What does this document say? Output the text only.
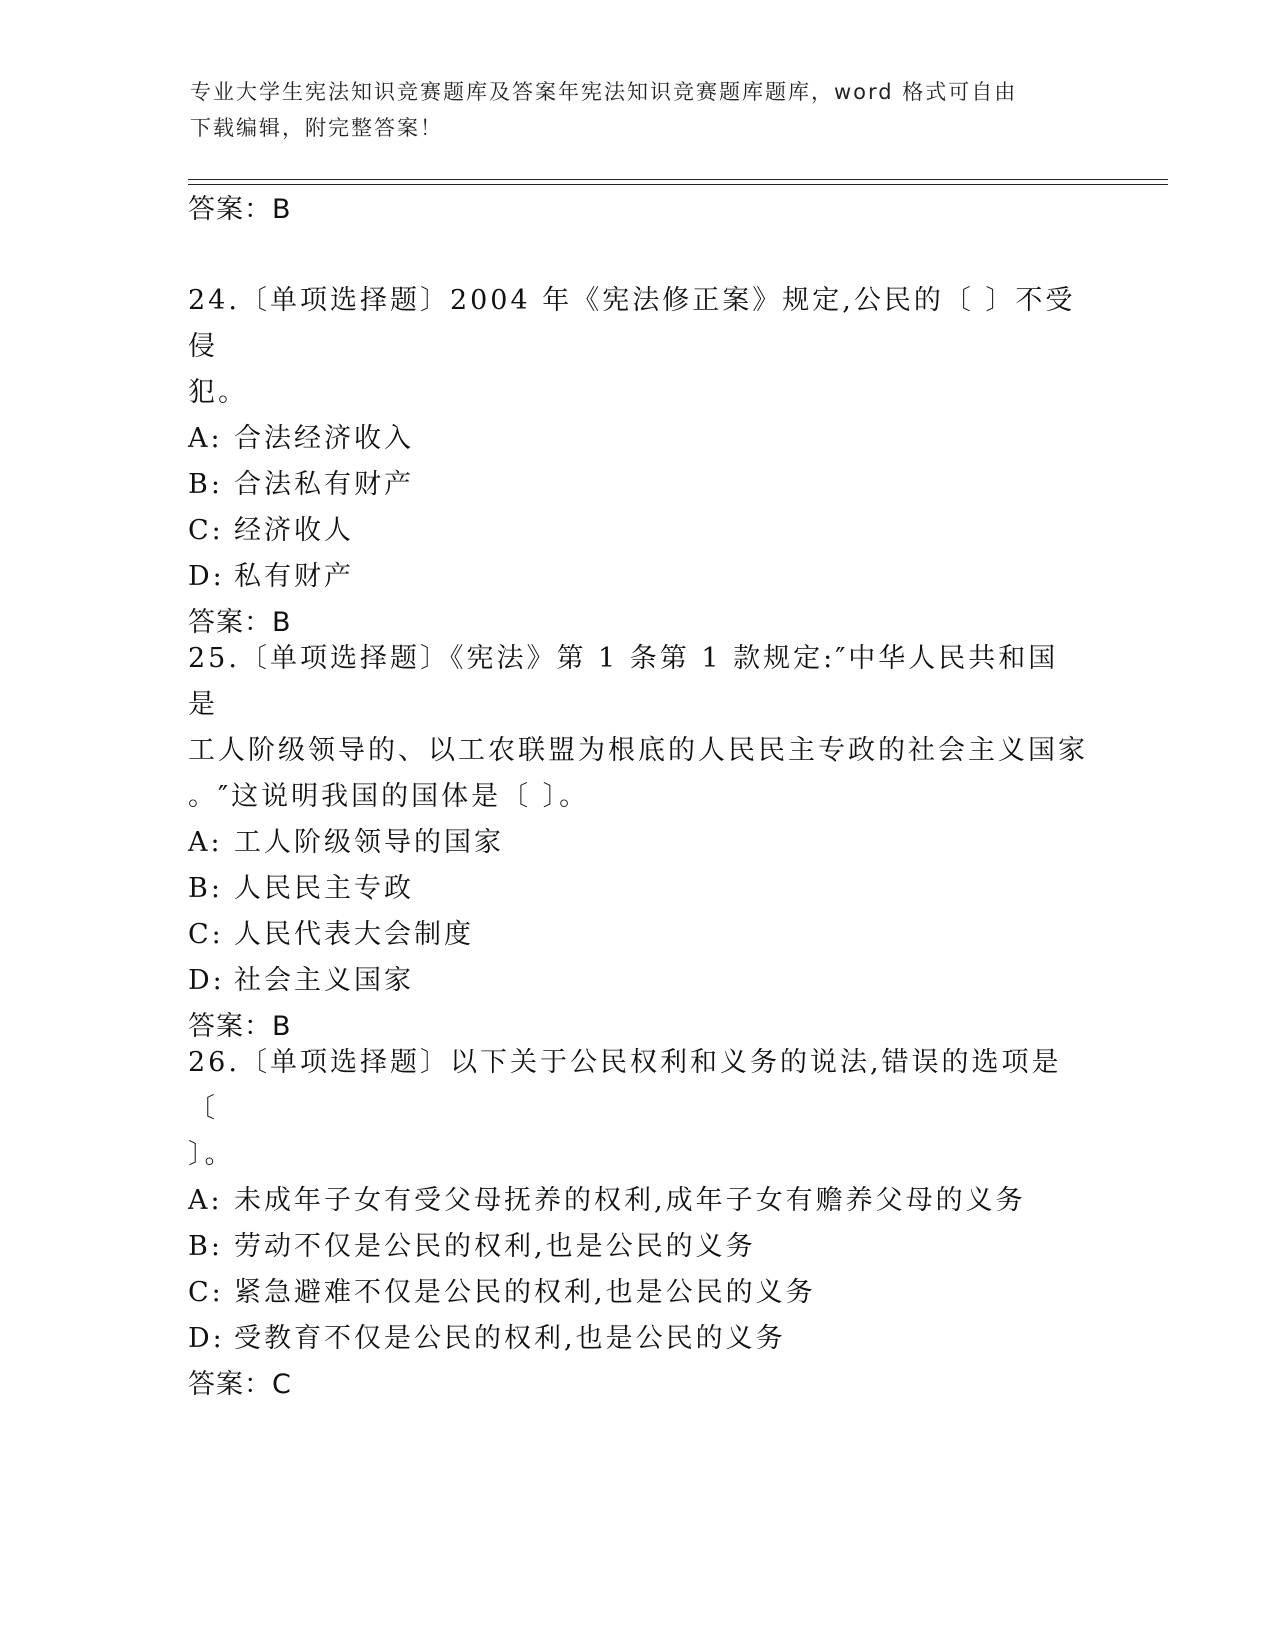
专业大学生宪法知识竞赛题库及答案年宪法知识竞赛题库题库，word 格式可自由
下载编辑，附完整答案！
答案：B

24.〔单项选择题〕2004 年《宪法修正案》规定,公民的〔 〕不受侵

犯。

A: 合法经济收入

B: 合法私有财产

C: 经济收人

D: 私有财产

答案：B

25.〔单项选择题〕《宪法》第 1 条第 1 款规定:″中华人民共和国是

工人阶级领导的、以工农联盟为根底的人民民主专政的社会主义国家

。″这说明我国的国体是〔 〕。

A: 工人阶级领导的国家

B: 人民民主专政

C: 人民代表大会制度

D: 社会主义国家

答案：B

26.〔单项选择题〕以下关于公民权利和义务的说法,错误的选项是〔

〕。

A: 未成年子女有受父母抚养的权利,成年子女有赡养父母的义务

B: 劳动不仅是公民的权利,也是公民的义务

C: 紧急避难不仅是公民的权利,也是公民的义务

D: 受教育不仅是公民的权利,也是公民的义务

答案：C
